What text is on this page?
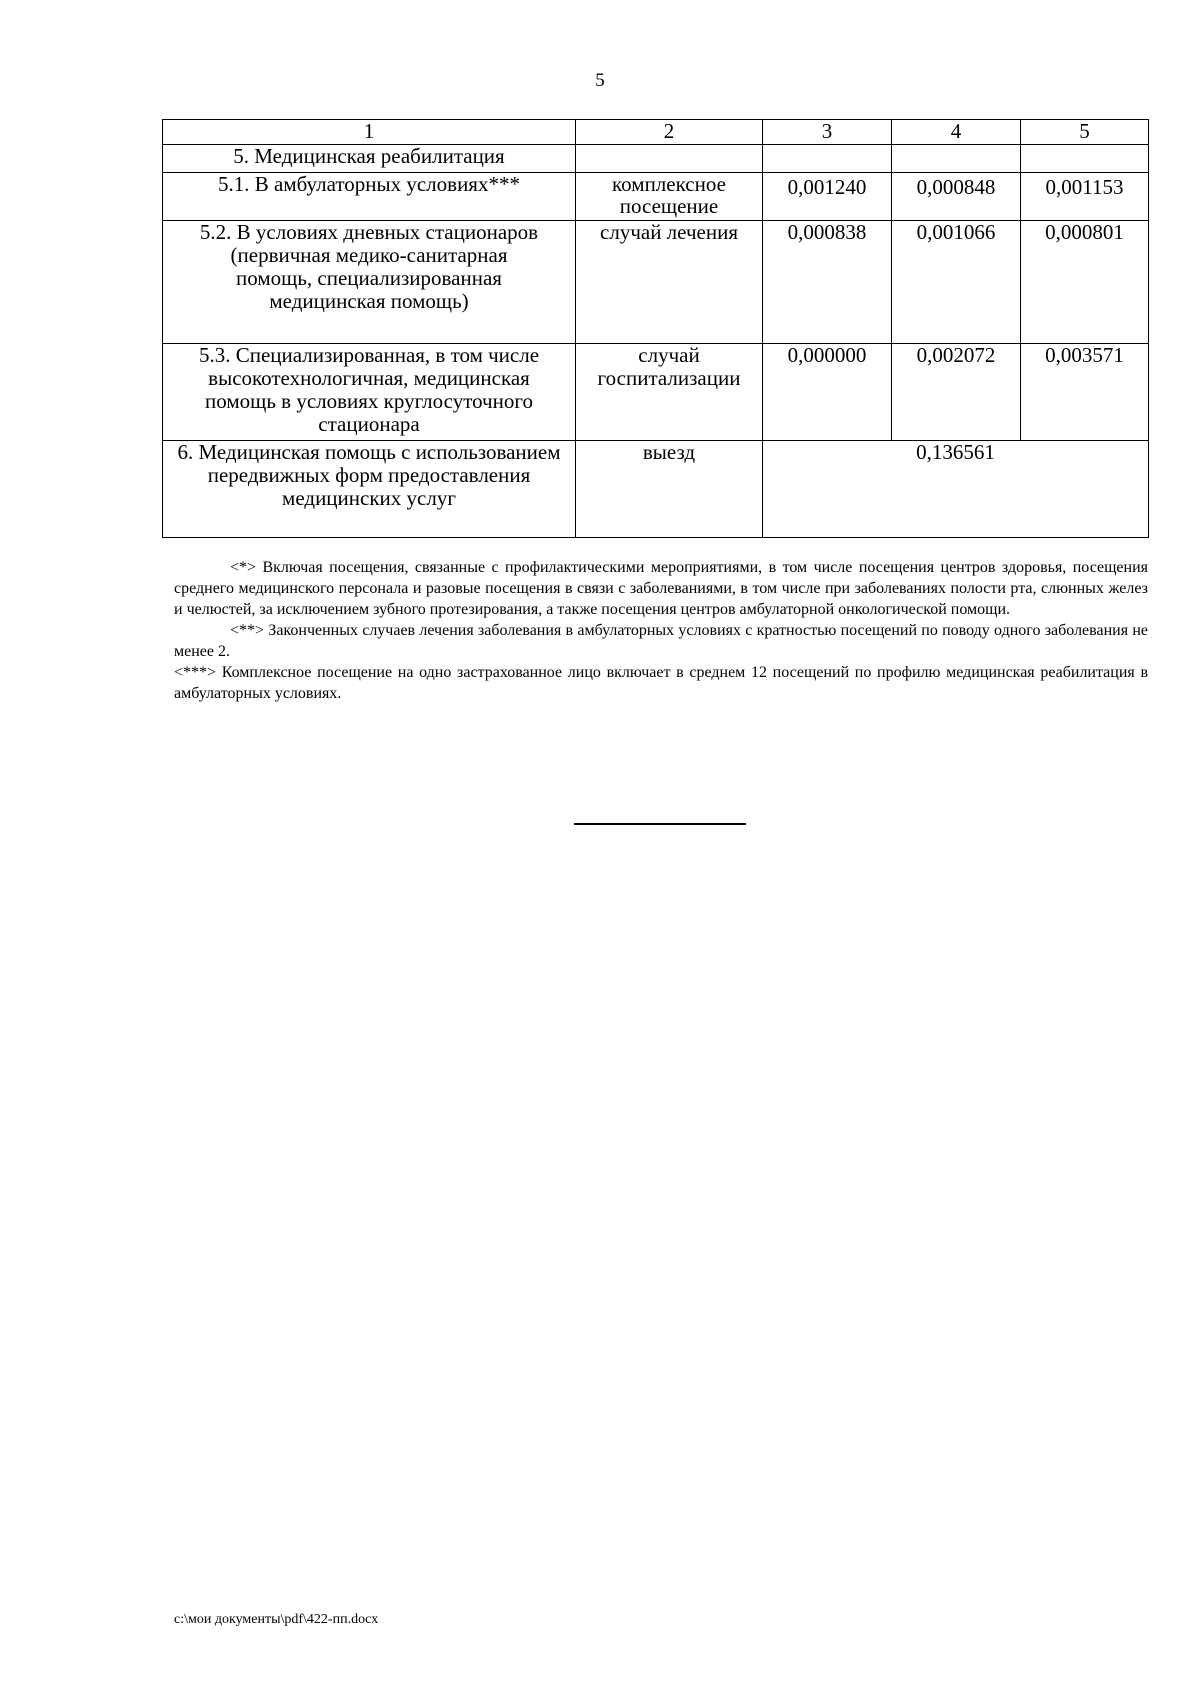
5
1	2	3	4	5
5. Медицинская реабилитация				
5.1. В амбулаторных условиях***	комплексное посещение	0,001240	0,000848	0,001153
5.2. В условиях дневных стационаров (первичная медико-санитарная помощь, специализированная медицинская помощь)	случай лечения	0,000838	0,001066	0,000801
5.3. Специализированная, в том числе высокотехнологичная, медицинская помощь в условиях круглосуточного стационара	случай госпитализации	0,000000	0,002072	0,003571
6. Медицинская помощь с использованием передвижных форм предоставления медицинских услуг	выезд	0,136561		

<*> Включая посещения, связанные с профилактическими мероприятиями, в том числе посещения центров здоровья, посещения среднего медицинского персонала и разовые посещения в связи с заболеваниями, в том числе при заболеваниях полости рта, слюнных желез и челюстей, за исключением зубного протезирования, а также посещения центров амбулаторной онкологической помощи.

<**> Законченных случаев лечения заболевания в амбулаторных условиях с кратностью посещений по поводу одного заболевания не менее 2.

<***> Комплексное посещение на одно застрахованное лицо включает в среднем 12 посещений по профилю медицинская реабилитация в амбулаторных условиях.

c:\мои документы\pdf\422-пп.docx
